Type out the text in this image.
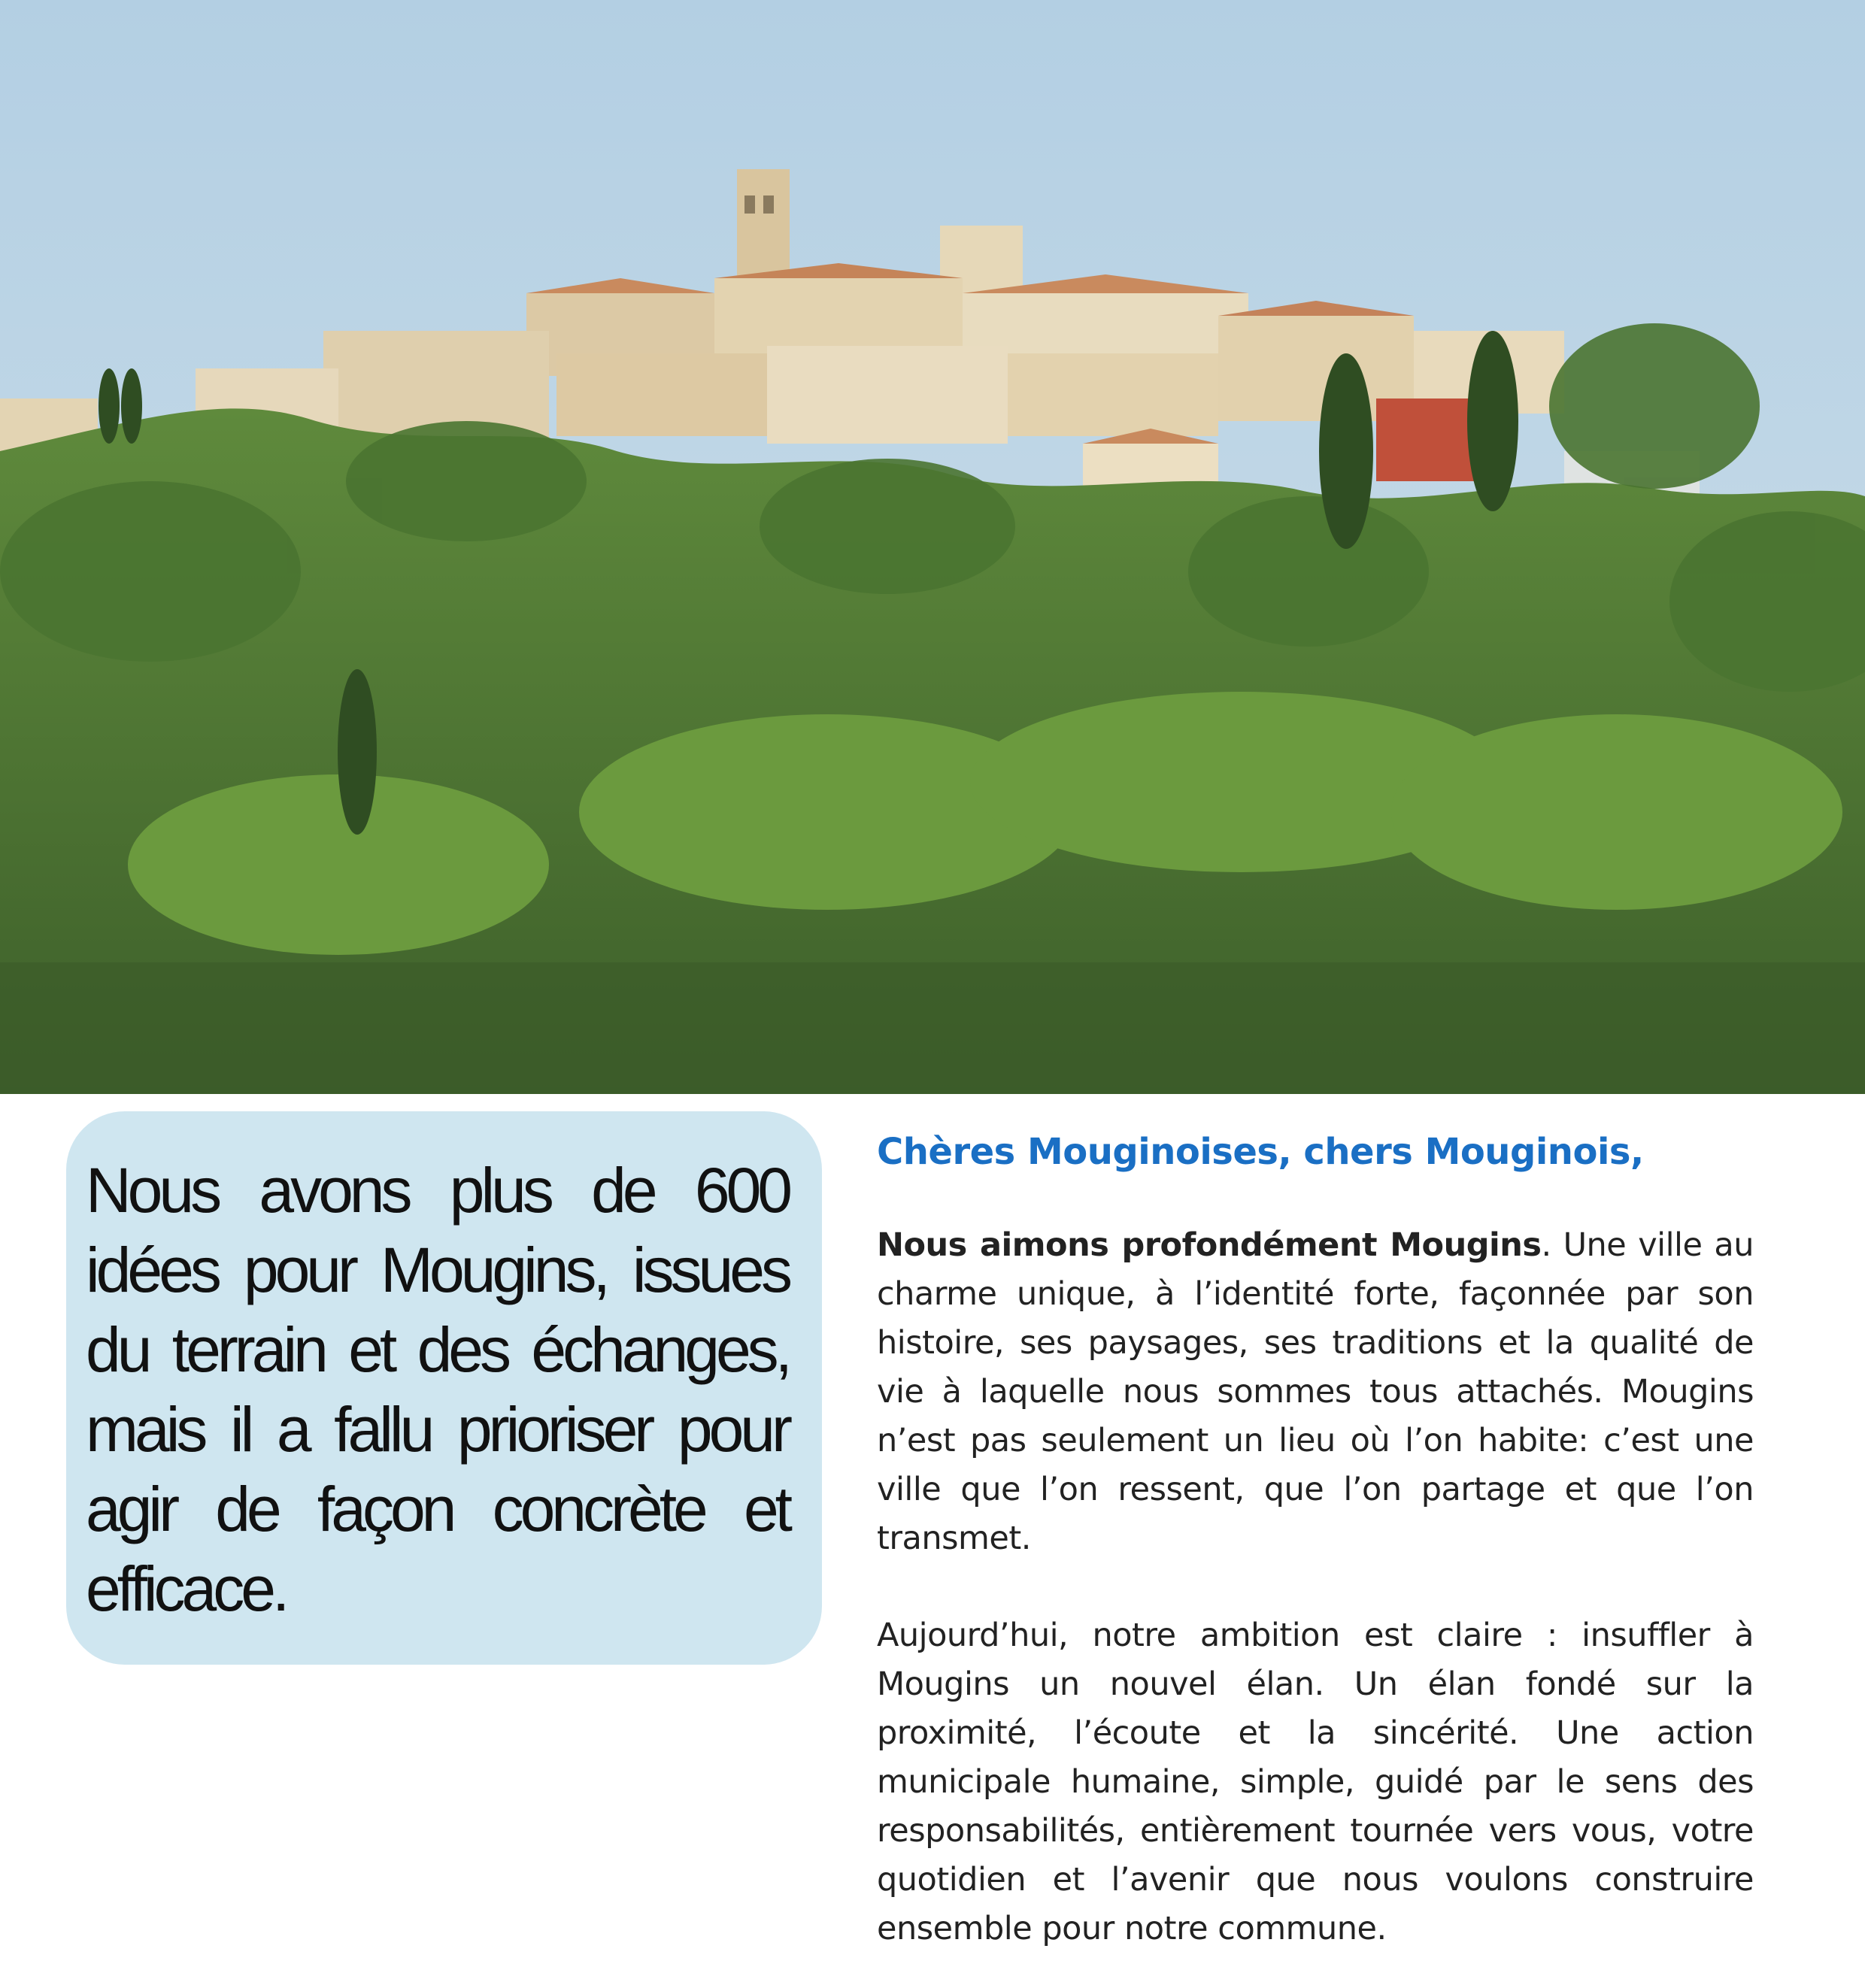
Nous avons plus de 600 idées pour Mougins, issues du terrain et des échanges, mais il a fallu prioriser pour agir de façon concrète et efficace.

Chères Mouginoises, chers Mouginois,

Nous aimons profondément Mougins. Une ville au charme unique, à l’identité forte, façonnée par son histoire, ses paysages, ses traditions et la qualité de vie à laquelle nous sommes tous attachés. Mougins n’est pas seulement un lieu où l’on habite: c’est une ville que l’on ressent, que l’on partage et que l’on transmet.

Aujourd’hui, notre ambition est claire : insuffler à Mougins un nouvel élan. Un élan fondé sur la proximité, l’écoute et la sincérité. Une action municipale humaine, simple, guidé par le sens des responsabilités, entièrement tournée vers vous, votre quotidien et l’avenir que nous voulons construire ensemble pour notre commune.
